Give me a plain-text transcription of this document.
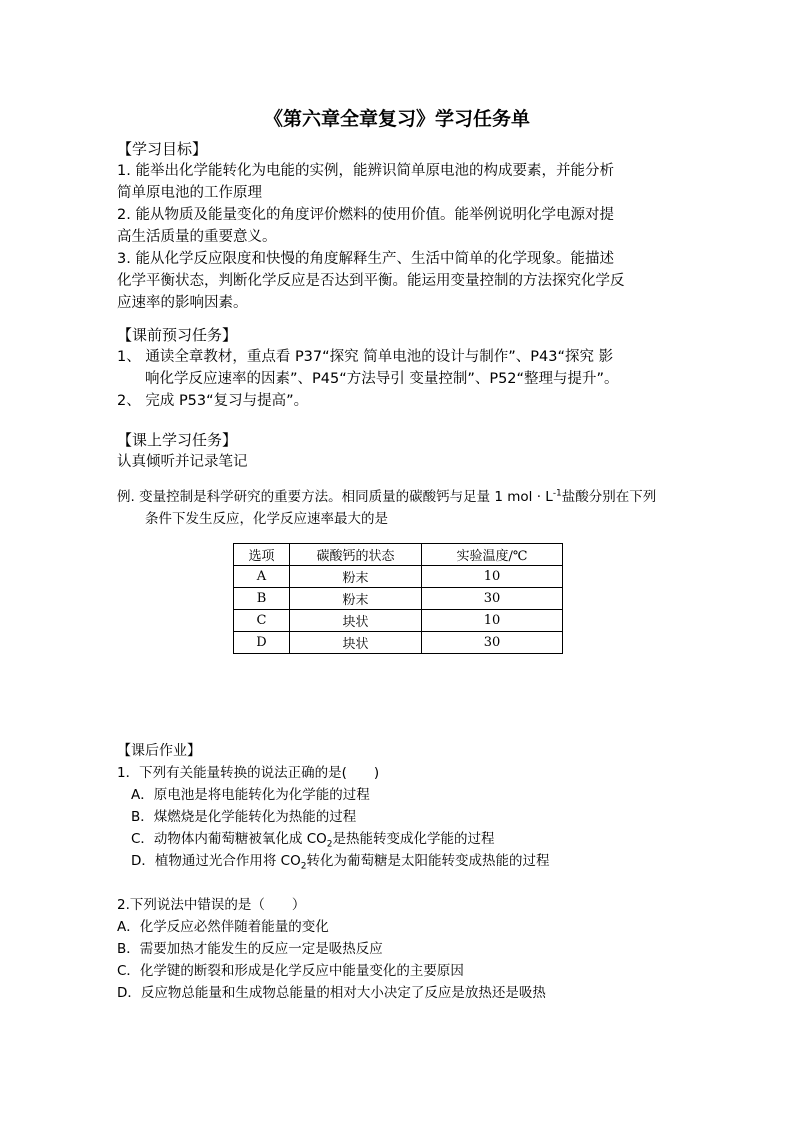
《第六章全章复习》学习任务单
【学习目标】
1. 能举出化学能转化为电能的实例，能辨识简单原电池的构成要素，并能分析
简单原电池的工作原理
2. 能从物质及能量变化的角度评价燃料的使用价值。能举例说明化学电源对提
高生活质量的重要意义。
3. 能从化学反应限度和快慢的角度解释生产、生活中简单的化学现象。能描述
化学平衡状态，判断化学反应是否达到平衡。能运用变量控制的方法探究化学反
应速率的影响因素。
【课前预习任务】
1、 通读全章教材，重点看 P37“探究 简单电池的设计与制作”、P43“探究 影
响化学反应速率的因素”、P45“方法导引 变量控制”、P52“整理与提升”。
2、 完成 P53“复习与提高”。
【课上学习任务】
认真倾听并记录笔记
例. 变量控制是科学研究的重要方法。相同质量的碳酸钙与足量 1 mol · $L^{-1}$盐酸分别在下列
条件下发生反应，化学反应速率最大的是
选项	碳酸钙的状态	实验温度/℃
A	粉末	10
B	粉末	30
C	块状	10
D	块状	30
【课后作业】
1．下列有关能量转换的说法正确的是(　　)
A．原电池是将电能转化为化学能的过程
B．煤燃烧是化学能转化为热能的过程
C．动物体内葡萄糖被氧化成 $CO_2$是热能转变成化学能的过程
D．植物通过光合作用将 $CO_2$转化为葡萄糖是太阳能转变成热能的过程
2.下列说法中错误的是（　　）
A．化学反应必然伴随着能量的变化
B．需要加热才能发生的反应一定是吸热反应
C．化学键的断裂和形成是化学反应中能量变化的主要原因
D．反应物总能量和生成物总能量的相对大小决定了反应是放热还是吸热
